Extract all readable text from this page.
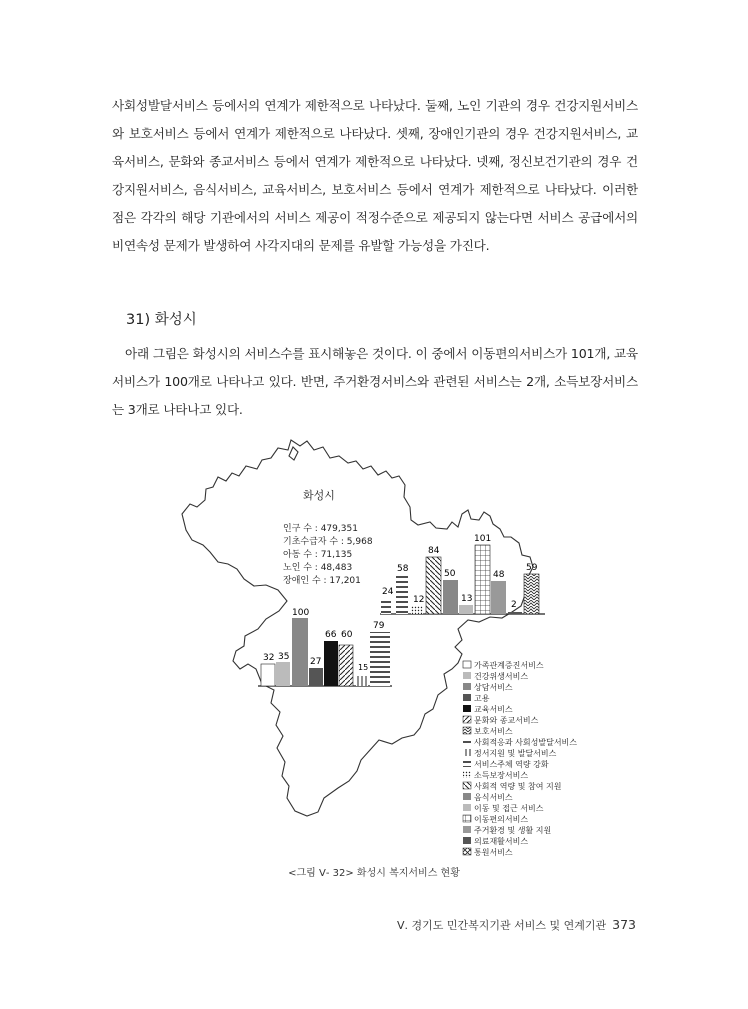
사회성발달서비스 등에서의 연계가 제한적으로 나타났다. 둘째, 노인 기관의 경우 건강지원서비스와 보호서비스 등에서 연계가 제한적으로 나타났다. 셋째, 장애인기관의 경우 건강지원서비스, 교육서비스, 문화와 종교서비스 등에서 연계가 제한적으로 나타났다. 넷째, 정신보건기관의 경우 건강지원서비스, 음식서비스, 교육서비스, 보호서비스 등에서 연계가 제한적으로 나타났다. 이러한 점은 각각의 해당 기관에서의 서비스 제공이 적정수준으로 제공되지 않는다면 서비스 공급에서의 비연속성 문제가 발생하여 사각지대의 문제를 유발할 가능성을 가진다.

31) 화성시

아래 그림은 화성시의 서비스수를 표시해놓은 것이다. 이 중에서 이동편의서비스가 101개, 교육서비스가 100개로 나타나고 있다. 반면, 주거환경서비스와 관련된 서비스는 2개, 소득보장서비스는 3개로 나타나고 있다.

화성시
인구 수 : 479,351
기초수급자 수 : 5,968
아동 수 : 71,135
노인 수 : 48,483
장애인 수 : 17,201
32 35
100
27
66 60
79
15
24
58
12
84
50
13
101
48
2
59
가족관계증진서비스
건강위생서비스
상담서비스
고용
교육서비스
문화와 종교서비스
보호서비스
사회적응과 사회성발달서비스
정서지원 및 발달서비스
서비스주체 역량 강화
소득보장서비스
사회적 역량 및 참여 지원
음식서비스
이동 및 접근 서비스
이동편의서비스
주거환경 및 생활 지원
의료재활서비스
통원서비스
<그림 Ⅴ- 32> 화성시 복지서비스 현황
Ⅴ. 경기도 민간복지기관 서비스 및 연계기관 373
